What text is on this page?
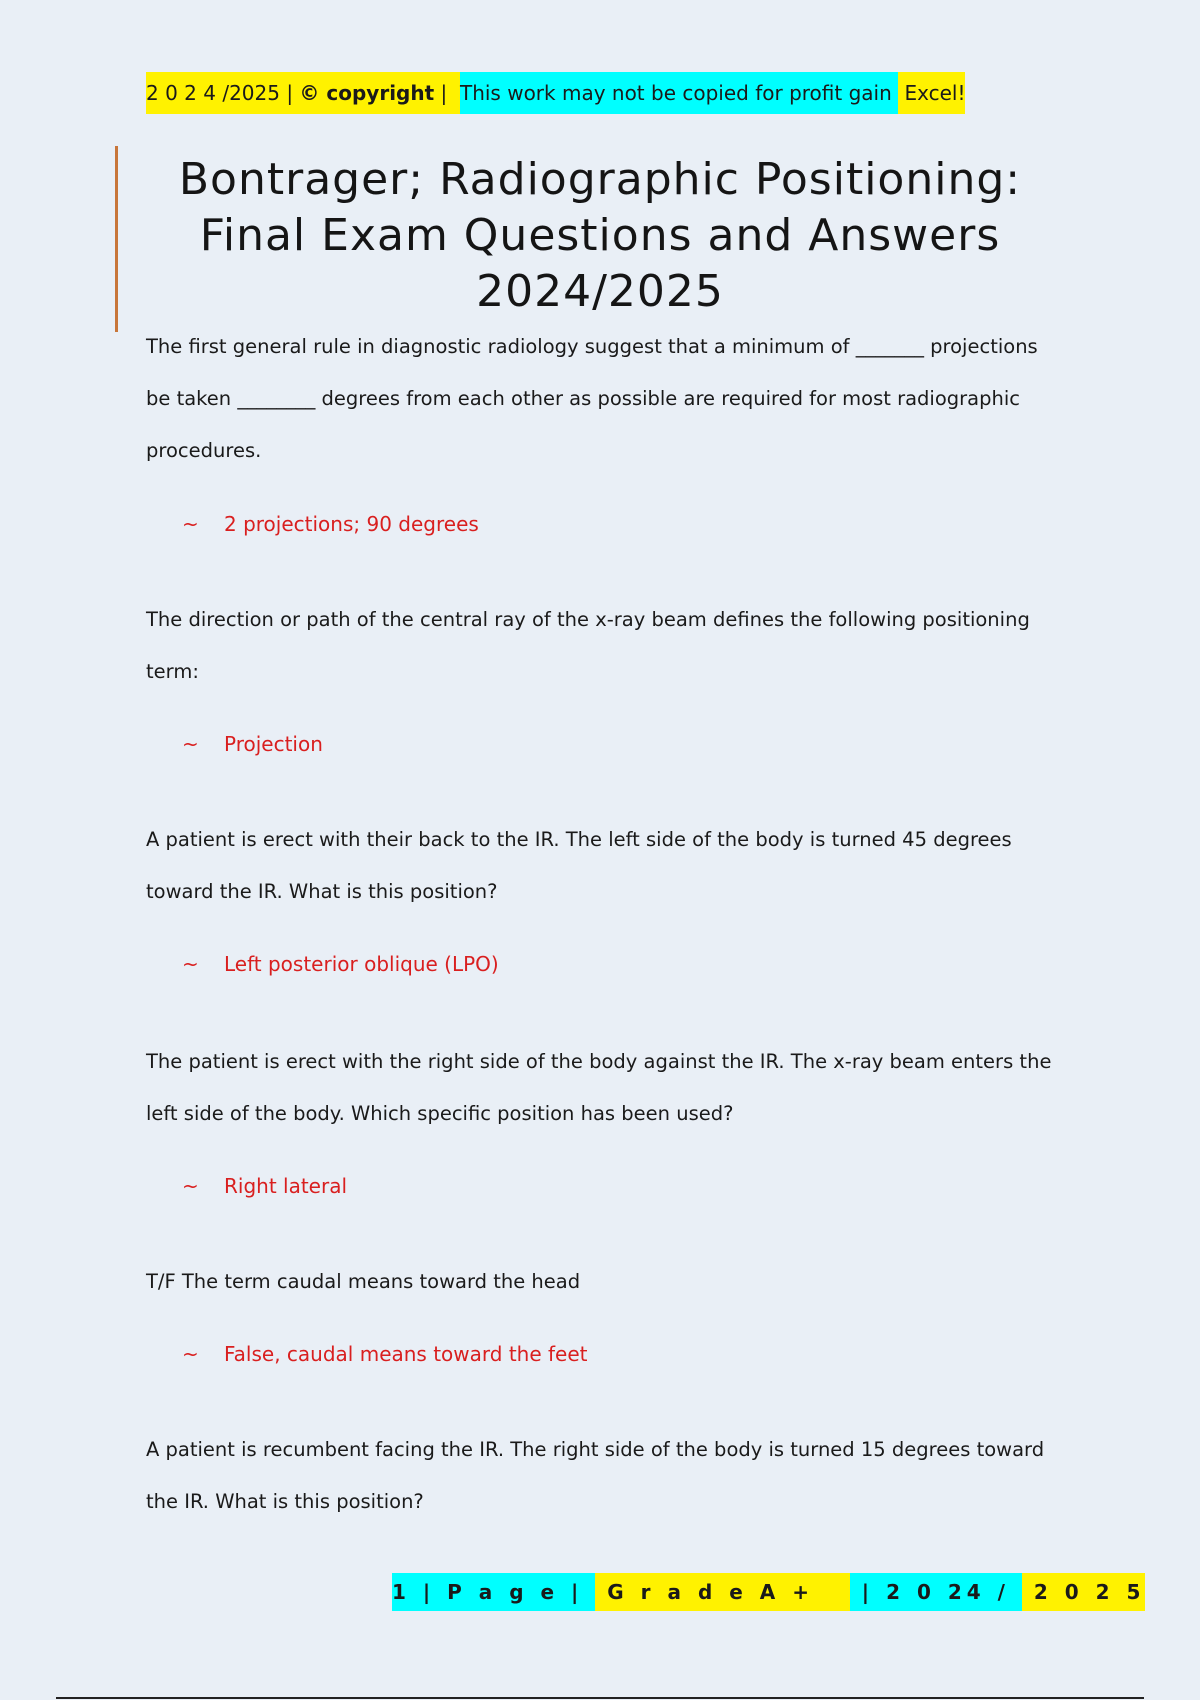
2 0 2 4 /2025 | © copyright | This work may not be copied for profit gain Excel!
Bontrager; Radiographic Positioning:
Final Exam Questions and Answers
2024/2025
The first general rule in diagnostic radiology suggest that a minimum of _______ projections be taken ________ degrees from each other as possible are required for most radiographic procedures.
~ 2 projections; 90 degrees
The direction or path of the central ray of the x-ray beam defines the following positioning term:
~ Projection
A patient is erect with their back to the IR. The left side of the body is turned 45 degrees toward the IR. What is this position?
~ Left posterior oblique (LPO)
The patient is erect with the right side of the body against the IR. The x-ray beam enters the left side of the body. Which specific position has been used?
~ Right lateral
T/F The term caudal means toward the head
~ False, caudal means toward the feet
A patient is recumbent facing the IR. The right side of the body is turned 15 degrees toward the IR. What is this position?
1 | P a g e | G r a d e A + | 2 0 24 / 2 0 2 5
